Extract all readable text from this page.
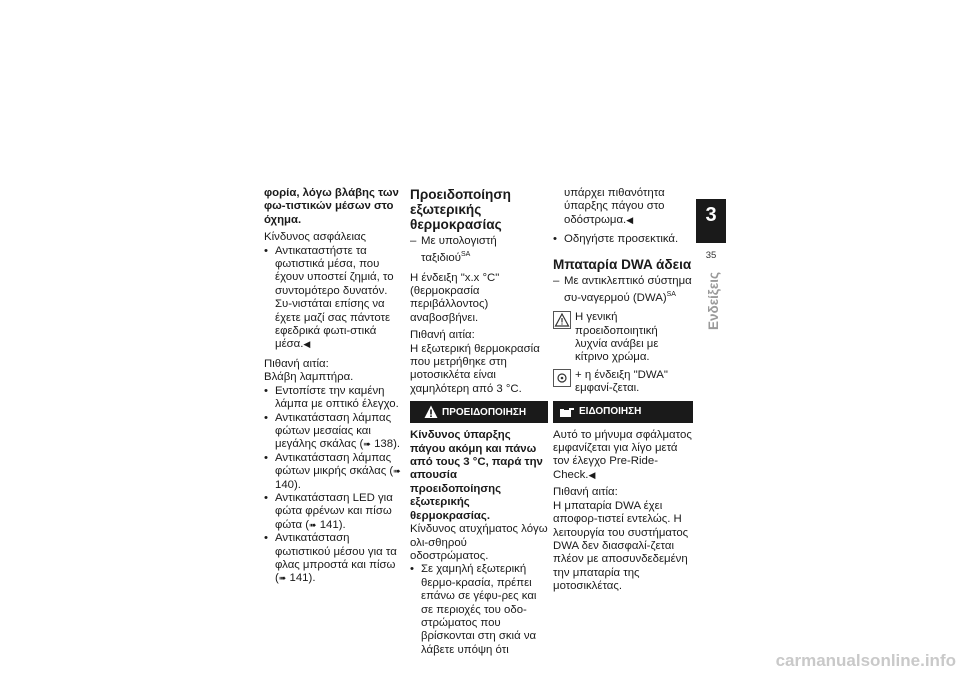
φορία, λόγω βλάβης των φω-τιστικών μέσων στο όχημα.

Κίνδυνος ασφάλειας

• Αντικαταστήστε τα φωτιστικά μέσα, που έχουν υποστεί ζημιά, το συντομότερο δυνατόν. Συ-νιστάται επίσης να έχετε μαζί σας πάντοτε εφεδρικά φωτι-στικά μέσα.◀

Πιθανή αιτία:

Βλάβη λαμπτήρα.

• Εντοπίστε την καμένη λάμπα με οπτικό έλεγχο.

• Αντικατάσταση λάμπας φώτων μεσαίας και μεγάλης σκάλας (➠ 138).

• Αντικατάσταση λάμπας φώτων μικρής σκάλας (➠ 140).

• Αντικατάσταση LED για φώτα φρένων και πίσω φώτα (➠ 141).

• Αντικατάσταση φωτιστικού μέσου για τα φλας μπροστά και πίσω (➠ 141).

Προειδοποίηση εξωτερικής θερμοκρασίας

– Με υπολογιστή ταξιδιού$^{SA}$

Η ένδειξη "x.x °C" (θερμοκρασία περιβάλλοντος) αναβοσβήνει.

Πιθανή αιτία:

Η εξωτερική θερμοκρασία που μετρήθηκε στη μοτοσικλέτα είναι χαμηλότερη από 3 °C.

ΠΡΟΕΙΔΟΠΟΙΗΣΗ

Κίνδυνος ύπαρξης πάγου ακόμη και πάνω από τους 3 °C, παρά την απουσία προειδοποίησης εξωτερικής θερμοκρασίας.

Κίνδυνος ατυχήματος λόγω ολι-σθηρού οδοστρώματος.

• Σε χαμηλή εξωτερική θερμο-κρασία, πρέπει επάνω σε γέφυ-ρες και σε περιοχές του οδο-στρώματος που βρίσκονται στη σκιά να λάβετε υπόψη ότι

υπάρχει πιθανότητα ύπαρξης πάγου στο οδόστρωμα.◀

• Οδηγήστε προσεκτικά.

Μπαταρία DWA άδεια

– Με αντικλεπτικό σύστημα συ-ναγερμού (DWA)$^{SA}$

Η γενική προειδοποιητική λυχνία ανάβει με κίτρινο χρώμα.
+ η ένδειξη "DWA" εμφανί-ζεται.
ΕΙΔΟΠΟΙΗΣΗ

Αυτό το μήνυμα σφάλματος εμφανίζεται για λίγο μετά τον έλεγχο Pre-Ride-Check.◀

Πιθανή αιτία:

Η μπαταρία DWA έχει αποφορ-τιστεί εντελώς. Η λειτουργία του συστήματος DWA δεν διασφαλί-ζεται πλέον με αποσυνδεδεμένη την μπαταρία της μοτοσικλέτας.

3
35
Ενδείξεις
carmanualsonline.info
